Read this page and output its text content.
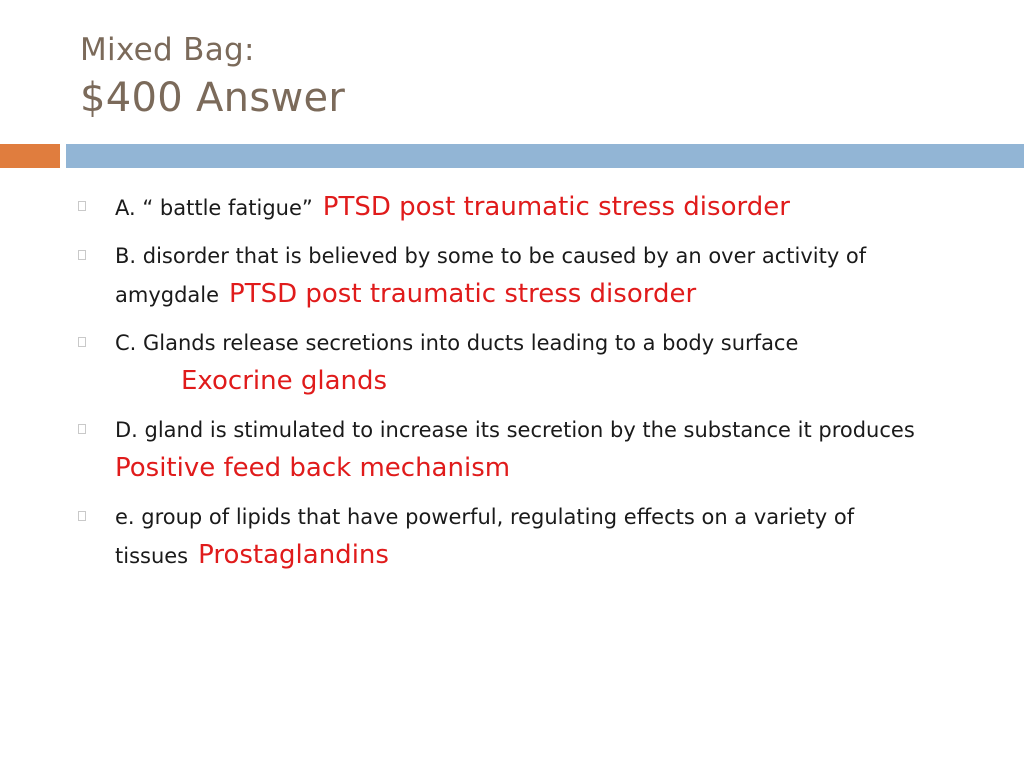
Mixed Bag:
$400 Answer
A. “ battle fatigue” PTSD post traumatic stress disorder
B. disorder that is believed by some to be caused by an over activity of
amygdale PTSD post traumatic stress disorder
C. Glands release secretions into ducts leading to a body surface
Exocrine glands
D. gland is stimulated to increase its secretion by the substance it produces
Positive feed back mechanism
e. group of lipids that have powerful, regulating effects on a variety of
tissues Prostaglandins
